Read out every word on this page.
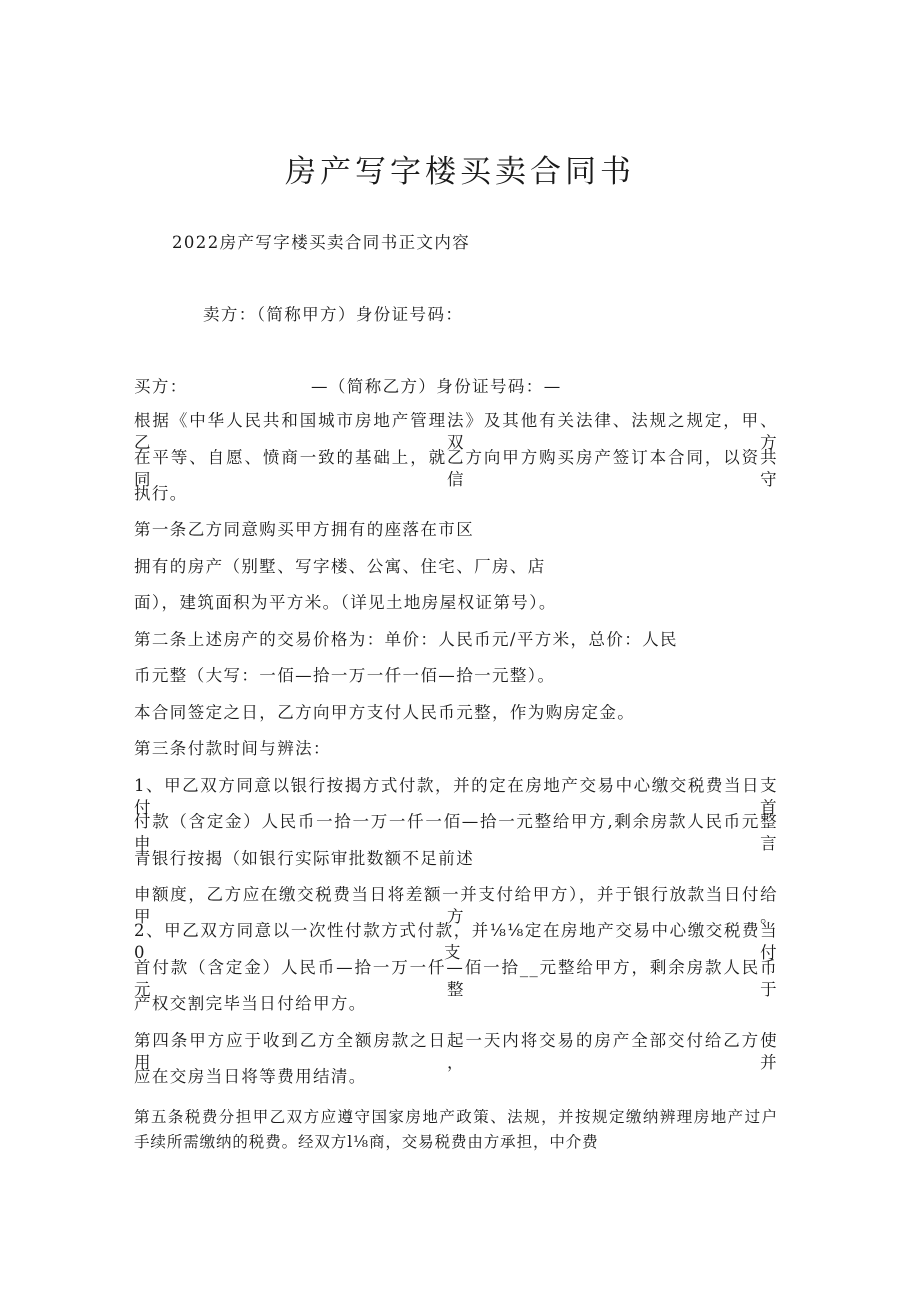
房产写字楼买卖合同书

2022房产写字楼买卖合同书正文内容

卖方：（简称甲方）身份证号码：

买方：	—（简称乙方）身份证号码：—

根据《中华人民共和国城市房地产管理法》及其他有关法律、法规之规定，甲、乙双方

在平等、自愿、愤商一致的基础上，就乙方向甲方购买房产签订本合同，以资共同信守

执行。

第一条乙方同意购买甲方拥有的座落在市区

拥有的房产（别墅、写字楼、公寓、住宅、厂房、店

面），建筑面积为平方米。（详见土地房屋权证第号）。

第二条上述房产的交易价格为：单价：人民币元/平方米，总价：人民

币元整（大写：一佰—拾一万一仟一佰—拾一元整）。

本合同签定之日，乙方向甲方支付人民币元整，作为购房定金。

第三条付款时间与辨法：

1、甲乙双方同意以银行按揭方式付款，并的定在房地产交易中心缴交税费当日支付首

付款（含定金）人民币一拾一万一仟一佰—拾一元整给甲方,剩余房款人民币元整申言

青银行按揭（如银行实际审批数额不足前述

申额度，乙方应在缴交税费当日将差额一并支付给甲方），并于银行放款当日付给甲方。

2、甲乙双方同意以一次性付款方式付款，并⅛⅛定在房地产交易中心缴交税费当0支付

首付款（含定金）人民币—拾一万一仟—佰一拾__元整给甲方，剩余房款人民币元整于

产权交割完毕当日付给甲方。

第四条甲方应于收到乙方全额房款之日起一天内将交易的房产全部交付给乙方使用，并

应在交房当日将等费用结清。

第五条税费分担甲乙双方应遵守国家房地产政策、法规，并按规定缴纳辨理房地产过户

手续所需缴纳的税费。经双方l⅛商，交易税费由方承担，中介费
